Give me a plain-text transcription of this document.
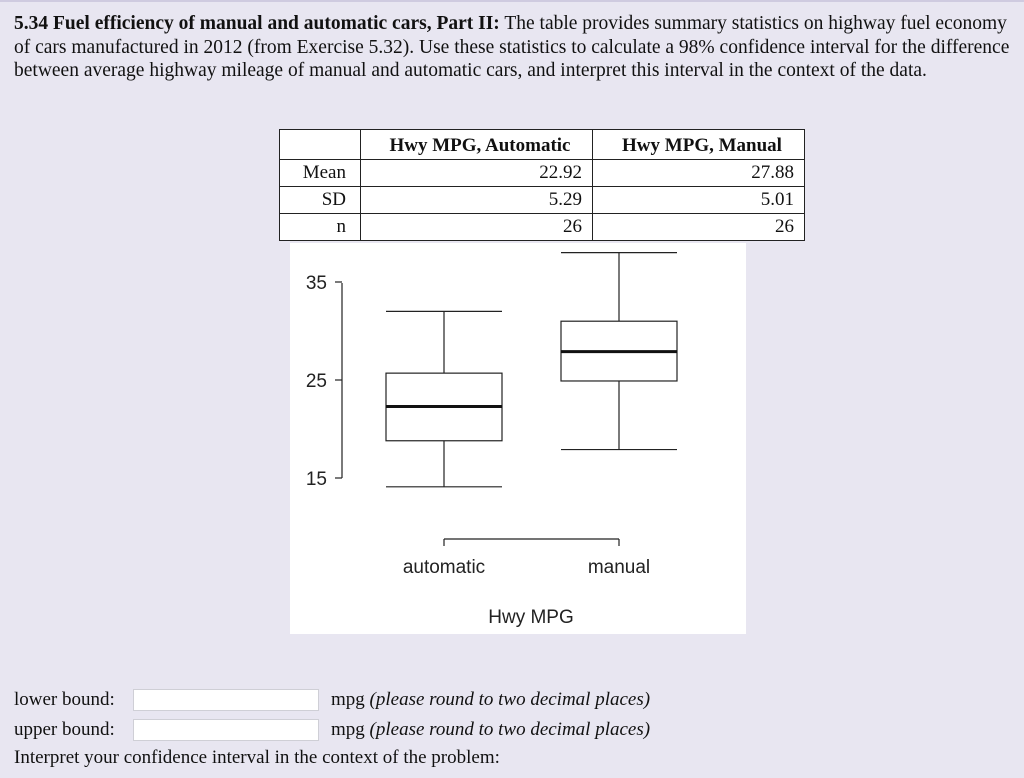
5.34 Fuel efficiency of manual and automatic cars, Part II: The table provides summary statistics on highway fuel economy of cars manufactured in 2012 (from Exercise 5.32). Use these statistics to calculate a 98% confidence interval for the difference between average highway mileage of manual and automatic cars, and interpret this interval in the context of the data.
	Hwy MPG, Automatic	Hwy MPG, Manual
Mean	22.92	27.88
SD	5.29	5.01
n	26	26
15
25
35
automatic	manual
Hwy MPG
lower bound:	mpg (please round to two decimal places)
upper bound:	mpg (please round to two decimal places)
Interpret your confidence interval in the context of the problem:
